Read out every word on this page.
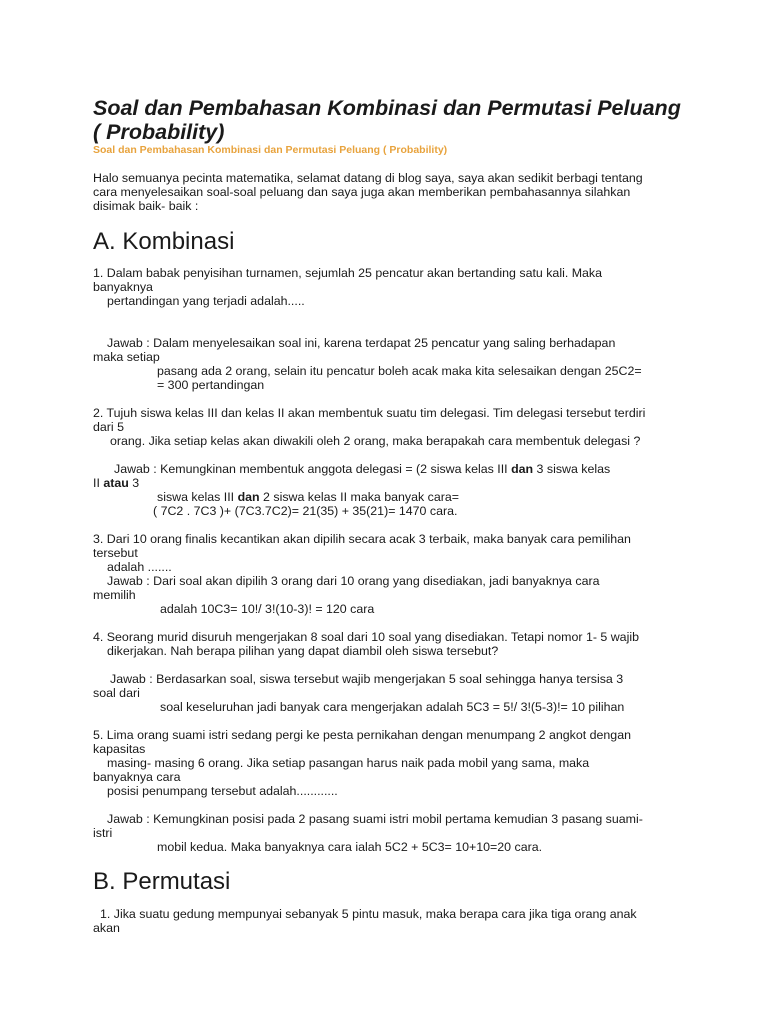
Soal dan Pembahasan Kombinasi dan Permutasi Peluang
( Probability)
Soal dan Pembahasan Kombinasi dan Permutasi Peluang ( Probability)
Halo semuanya pecinta matematika, selamat datang di blog saya, saya akan sedikit berbagi tentang
cara menyelesaikan soal-soal peluang dan saya juga akan memberikan pembahasannya silahkan
disimak baik- baik :
A. Kombinasi
1. Dalam babak penyisihan turnamen, sejumlah 25 pencatur akan bertanding satu kali. Maka
banyaknya
pertandingan yang terjadi adalah.....
Jawab : Dalam menyelesaikan soal ini, karena terdapat 25 pencatur yang saling berhadapan
maka setiap
pasang ada 2 orang, selain itu pencatur boleh acak maka kita selesaikan dengan 25C2=
= 300 pertandingan
2. Tujuh siswa kelas III dan kelas II akan membentuk suatu tim delegasi. Tim delegasi tersebut terdiri
dari 5
orang. Jika setiap kelas akan diwakili oleh 2 orang, maka berapakah cara membentuk delegasi ?
Jawab : Kemungkinan membentuk anggota delegasi = (2 siswa kelas III dan 3 siswa kelas
II atau 3
siswa kelas III dan 2 siswa kelas II maka banyak cara=
( 7C2 . 7C3 )+ (7C3.7C2)= 21(35) + 35(21)= 1470 cara.
3. Dari 10 orang finalis kecantikan akan dipilih secara acak 3 terbaik, maka banyak cara pemilihan
tersebut
adalah .......
Jawab : Dari soal akan dipilih 3 orang dari 10 orang yang disediakan, jadi banyaknya cara
memilih
adalah 10C3= 10!/ 3!(10-3)! = 120 cara
4. Seorang murid disuruh mengerjakan 8 soal dari 10 soal yang disediakan. Tetapi nomor 1- 5 wajib
dikerjakan. Nah berapa pilihan yang dapat diambil oleh siswa tersebut?
Jawab : Berdasarkan soal, siswa tersebut wajib mengerjakan 5 soal sehingga hanya tersisa 3
soal dari
soal keseluruhan jadi banyak cara mengerjakan adalah 5C3 = 5!/ 3!(5-3)!= 10 pilihan
5. Lima orang suami istri sedang pergi ke pesta pernikahan dengan menumpang 2 angkot dengan
kapasitas
masing- masing 6 orang. Jika setiap pasangan harus naik pada mobil yang sama, maka
banyaknya cara
posisi penumpang tersebut adalah............
Jawab : Kemungkinan posisi pada 2 pasang suami istri mobil pertama kemudian 3 pasang suami-
istri
mobil kedua. Maka banyaknya cara ialah 5C2 + 5C3= 10+10=20 cara.
B. Permutasi
1. Jika suatu gedung mempunyai sebanyak 5 pintu masuk, maka berapa cara jika tiga orang anak
akan
